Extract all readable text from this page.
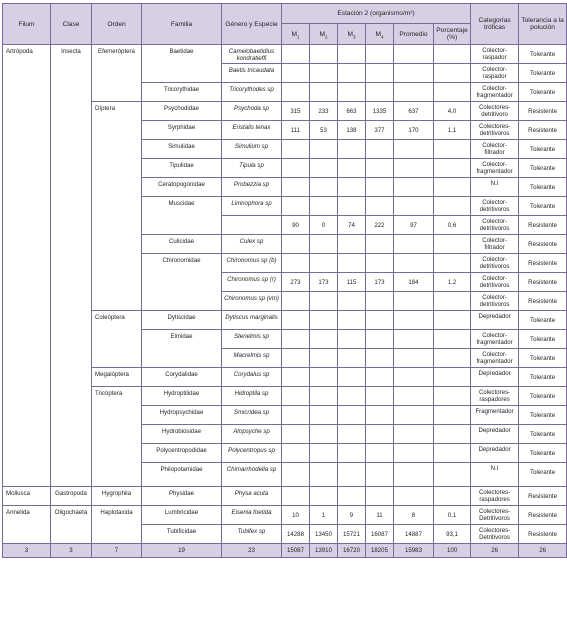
Filum	Clase	Orden	Familia	Género y Especie	Estación 2 (organismo/m²)						Categorías tróficas	Tolerancia a la polución
					$M_1$	$M_2$	$M_3$	$M_4$	Promedio	Porcentaje (%)		
Artrópoda	Insecta	Efemeróptera	Baetidae	Camelobaetidius kondratieffi							Colector-raspador	Tolerante
				Baetis tricaudata							Colector-raspador	Tolerante
			Tricorythidae	Tricorythodes sp							Colector-fragmentador	Tolerante
		Díptera	Psychodidae	Psychoda sp	315	233	663	1335	637	4,0	Colectores-detritivoro	Resistente
			Syrphidae	Eristalis tenax	111	53	138	377	170	1,1	Colectores-detritivoros	Resistente
			Simulidae	Simulium sp							Colector-filtrador	Tolerante
			Tipulidae	Tipula sp							Colector-fragmentador	Tolerante
			Ceratopogonidae	Probezzia sp							N.I	Tolerante
			Muscidae	Limnophora sp							Colector-detritivoros	Tolerante
					90	0	74	222	97	0,6	Colector-detritivoros	Resistente
			Culicidae	Culex sp							Colector-filtrador	Resistente
			Chironomidae	Chironomus sp (b)							Colector-detritivoros	Resistente
				Chironomus sp (r)	273	173	115	173	184	1,2	Colector-detritivoros	Resistente
				Chironomus sp (vm)							Colector-detritivoros	Resistente
		Coleóptera	Dytiscidae	Dytiscus marginalis							Depredador	Tolerante
			Elmidae	Stenelmis sp							Colector-fragmentador	Tolerante
				Macrelmis sp							Colector-fragmentador	Tolerante
		Megalóptera	Corydalidae	Corydalus sp							Depredador	Tolerante
		Tricóptera	Hydroptilidae	Hidroptila sp							Colectores-raspadores	Tolerante
			Hydropsychidae	Smicridea sp							Fragmentador	Tolerante
			Hydrobiosidae	Atopsyche sp							Depredador	Tolerante
			Polycentropodidae	Polycentropus sp							Depredador	Tolerante
			Philopotamidae	Chimarrhodella sp							N.I	Tolerante
Mollusca	Gastropoda	Hygrophila	Physidae	Physa acuta							Colectores-raspadores	Resistente
Annelida	Oligochaeta	Haplotaxida	Lumbricidae	Eisenia foetida	10	1	9	11	8	0,1	Colectores-Detritivoros	Resistente
			Tubificidae	Tubifex sp	14288	13450	15721	16087	14887	93,1	Colectores-Detritivoros	Resistente
3	3	7	19	23	15087	13910	16720	18205	15983	100	26	26
